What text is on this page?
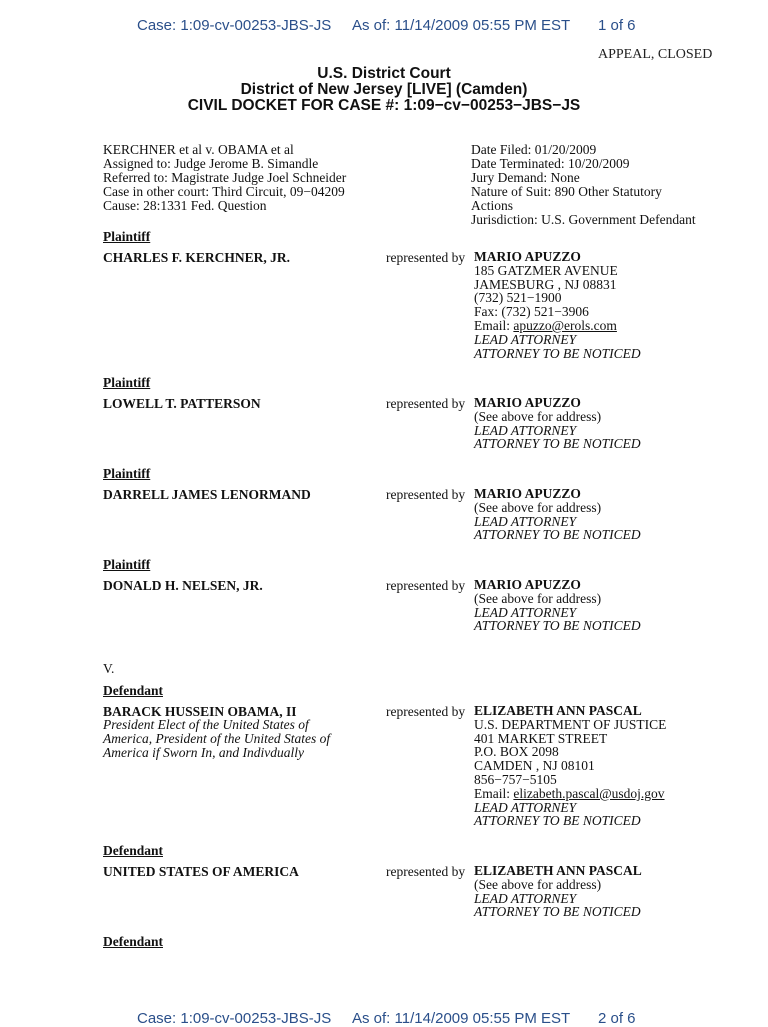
Case: 1:09-cv-00253-JBS-JS As of: 11/14/2009 05:55 PM EST 1 of 6
APPEAL, CLOSED
U.S. District Court
District of New Jersey [LIVE] (Camden)
CIVIL DOCKET FOR CASE #: 1:09−cv−00253−JBS−JS
KERCHNER et al v. OBAMA et al
Assigned to: Judge Jerome B. Simandle
Referred to: Magistrate Judge Joel Schneider
Case in other court: Third Circuit, 09−04209
Cause: 28:1331 Fed. Question
Date Filed: 01/20/2009
Date Terminated: 10/20/2009
Jury Demand: None
Nature of Suit: 890 Other Statutory
Actions
Jurisdiction: U.S. Government Defendant
Plaintiff
CHARLES F. KERCHNER, JR.	represented by MARIO APUZZO
185 GATZMER AVENUE
JAMESBURG , NJ 08831
(732) 521−1900
Fax: (732) 521−3906
Email: apuzzo@erols.com
LEAD ATTORNEY
ATTORNEY TO BE NOTICED
Plaintiff
LOWELL T. PATTERSON	represented by MARIO APUZZO
(See above for address)
LEAD ATTORNEY
ATTORNEY TO BE NOTICED
Plaintiff
DARRELL JAMES LENORMAND	represented by MARIO APUZZO
(See above for address)
LEAD ATTORNEY
ATTORNEY TO BE NOTICED
Plaintiff
DONALD H. NELSEN, JR.	represented by MARIO APUZZO
(See above for address)
LEAD ATTORNEY
ATTORNEY TO BE NOTICED
V.
Defendant
BARACK HUSSEIN OBAMA, II
President Elect of the United States of
America, President of the United States of
America if Sworn In, and Indivdually
represented by ELIZABETH ANN PASCAL
U.S. DEPARTMENT OF JUSTICE
401 MARKET STREET
P.O. BOX 2098
CAMDEN , NJ 08101
856−757−5105
Email: elizabeth.pascal@usdoj.gov
LEAD ATTORNEY
ATTORNEY TO BE NOTICED
Defendant
UNITED STATES OF AMERICA	represented by ELIZABETH ANN PASCAL
(See above for address)
LEAD ATTORNEY
ATTORNEY TO BE NOTICED
Defendant
Case: 1:09-cv-00253-JBS-JS As of: 11/14/2009 05:55 PM EST 2 of 6
